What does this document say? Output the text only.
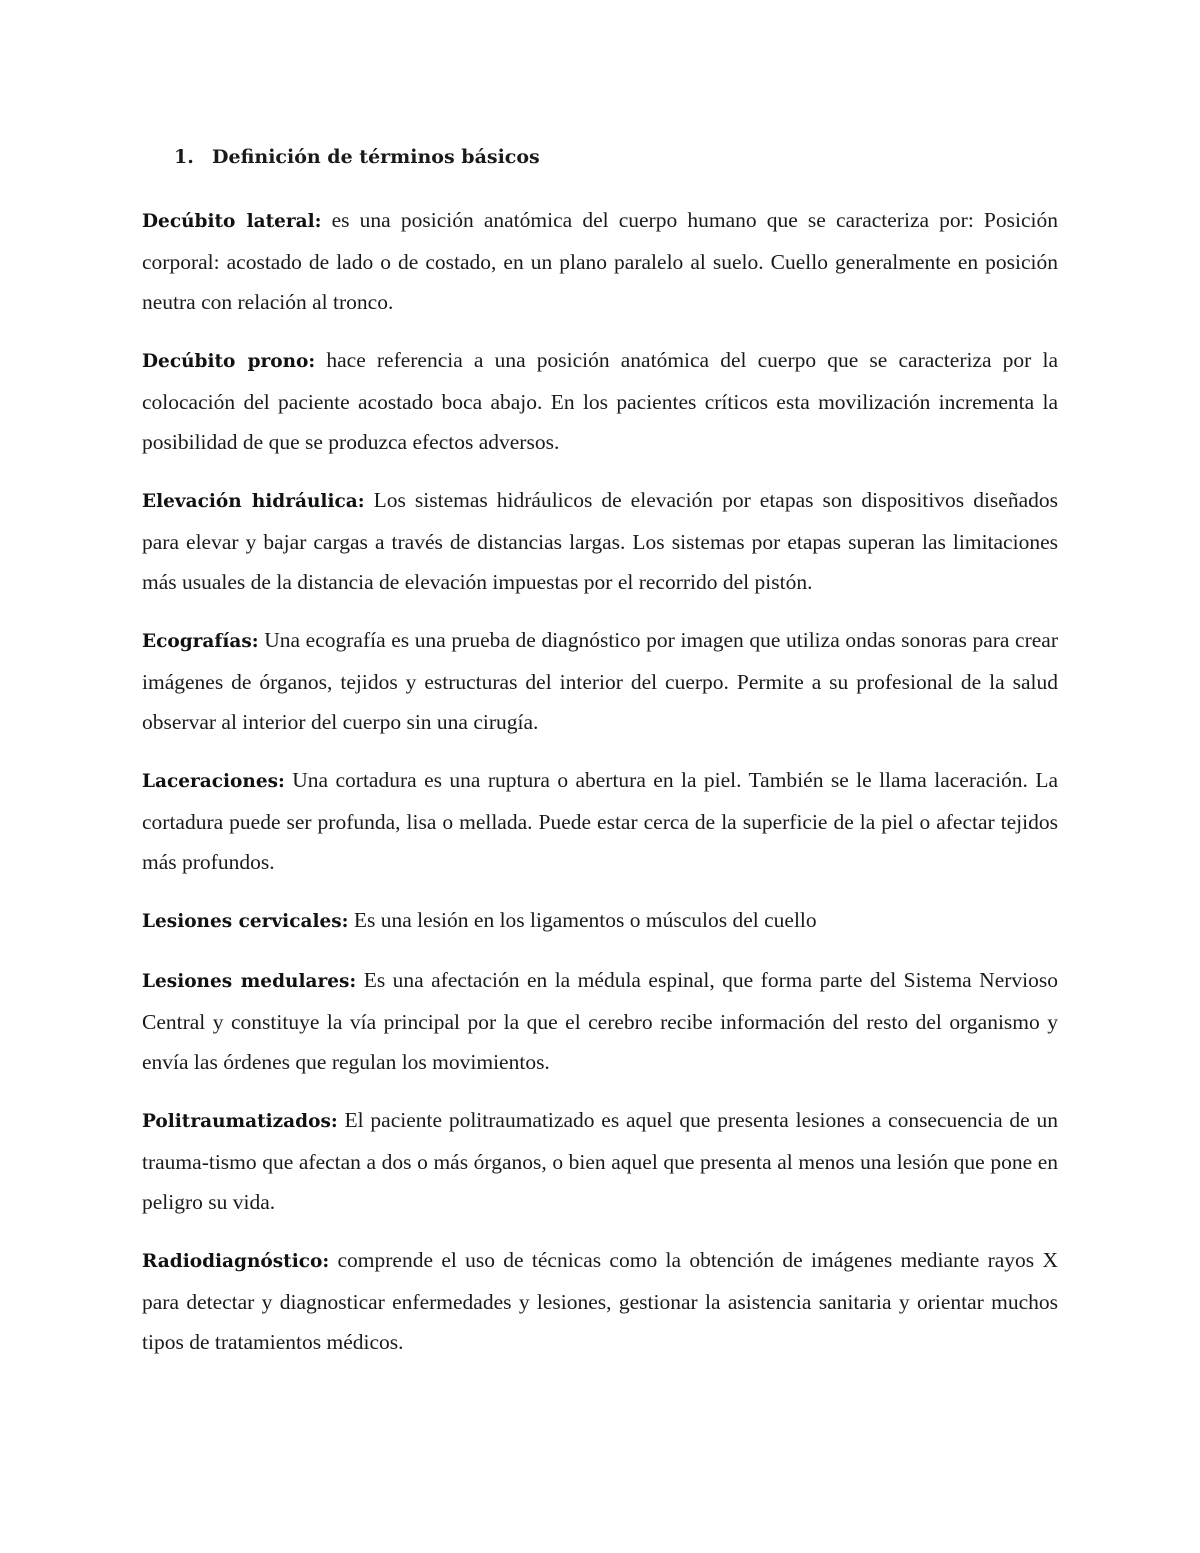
1. Definición de términos básicos

Decúbito lateral: es una posición anatómica del cuerpo humano que se caracteriza por: Posición corporal: acostado de lado o de costado, en un plano paralelo al suelo. Cuello generalmente en posición neutra con relación al tronco.

Decúbito prono: hace referencia a una posición anatómica del cuerpo que se caracteriza por la colocación del paciente acostado boca abajo. En los pacientes críticos esta movilización incrementa la posibilidad de que se produzca efectos adversos.

Elevación hidráulica: Los sistemas hidráulicos de elevación por etapas son dispositivos diseñados para elevar y bajar cargas a través de distancias largas. Los sistemas por etapas superan las limitaciones más usuales de la distancia de elevación impuestas por el recorrido del pistón.

Ecografías: Una ecografía es una prueba de diagnóstico por imagen que utiliza ondas sonoras para crear imágenes de órganos, tejidos y estructuras del interior del cuerpo. Permite a su profesional de la salud observar al interior del cuerpo sin una cirugía.

Laceraciones: Una cortadura es una ruptura o abertura en la piel. También se le llama laceración. La cortadura puede ser profunda, lisa o mellada. Puede estar cerca de la superficie de la piel o afectar tejidos más profundos.

Lesiones cervicales: Es una lesión en los ligamentos o músculos del cuello

Lesiones medulares: Es una afectación en la médula espinal, que forma parte del Sistema Nervioso Central y constituye la vía principal por la que el cerebro recibe información del resto del organismo y envía las órdenes que regulan los movimientos.

Politraumatizados: El paciente politraumatizado es aquel que presenta lesiones a consecuencia de un trauma-tismo que afectan a dos o más órganos, o bien aquel que presenta al menos una lesión que pone en peligro su vida.

Radiodiagnóstico: comprende el uso de técnicas como la obtención de imágenes mediante rayos X para detectar y diagnosticar enfermedades y lesiones, gestionar la asistencia sanitaria y orientar muchos tipos de tratamientos médicos.
